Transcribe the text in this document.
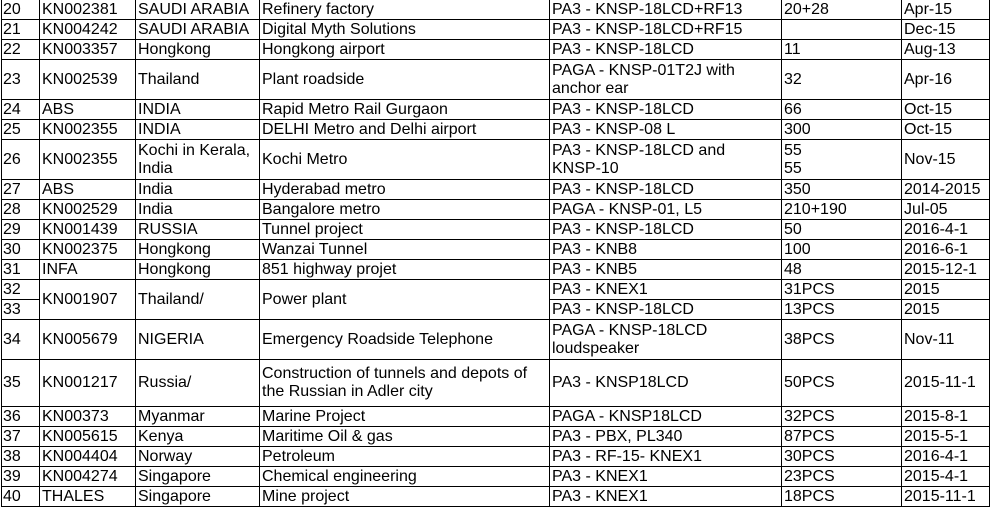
20	KN002381	SAUDI ARABIA	Refinery factory	PA3 - KNSP-18LCD+RF13	20+28	Apr-15
21	KN004242	SAUDI ARABIA	Digital Myth Solutions	PA3 - KNSP-18LCD+RF15		Dec-15
22	KN003357	Hongkong	Hongkong airport	PA3 - KNSP-18LCD	11	Aug-13
23	KN002539	Thailand	Plant roadside	PAGA - KNSP-01T2J with
anchor ear	32	Apr-16
24	ABS	INDIA	Rapid Metro Rail Gurgaon	PA3 - KNSP-18LCD	66	Oct-15
25	KN002355	INDIA	DELHI Metro and Delhi airport	PA3 - KNSP-08 L	300	Oct-15
26	KN002355	Kochi in Kerala,
India	Kochi Metro	PA3 - KNSP-18LCD and
KNSP-10	55
55	Nov-15
27	ABS	India	Hyderabad metro	PA3 - KNSP-18LCD	350	2014-2015
28	KN002529	India	Bangalore metro	PAGA - KNSP-01, L5	210+190	Jul-05
29	KN001439	RUSSIA	Tunnel project	PA3 - KNSP-18LCD	50	2016-4-1
30	KN002375	Hongkong	Wanzai Tunnel	PA3 - KNB8	100	2016-6-1
31	INFA	Hongkong	851 highway projet	PA3 - KNB5	48	2015-12-1
32	KN001907	Thailand/	Power plant	PA3 - KNEX1	31PCS	2015
33				PA3 - KNSP-18LCD	13PCS	2015
34	KN005679	NIGERIA	Emergency Roadside Telephone	PAGA - KNSP-18LCD
loudspeaker	38PCS	Nov-11
35	KN001217	Russia/	Construction of tunnels and depots of
the Russian in Adler city	PA3 - KNSP18LCD	50PCS	2015-11-1
36	KN00373	Myanmar	Marine Project	PAGA - KNSP18LCD	32PCS	2015-8-1
37	KN005615	Kenya	Maritime Oil & gas	PA3 - PBX, PL340	87PCS	2015-5-1
38	KN004404	Norway	Petroleum	PA3 - RF-15- KNEX1	30PCS	2016-4-1
39	KN004274	Singapore	Chemical engineering	PA3 - KNEX1	23PCS	2015-4-1
40	THALES	Singapore	Mine project	PA3 - KNEX1	18PCS	2015-11-1
